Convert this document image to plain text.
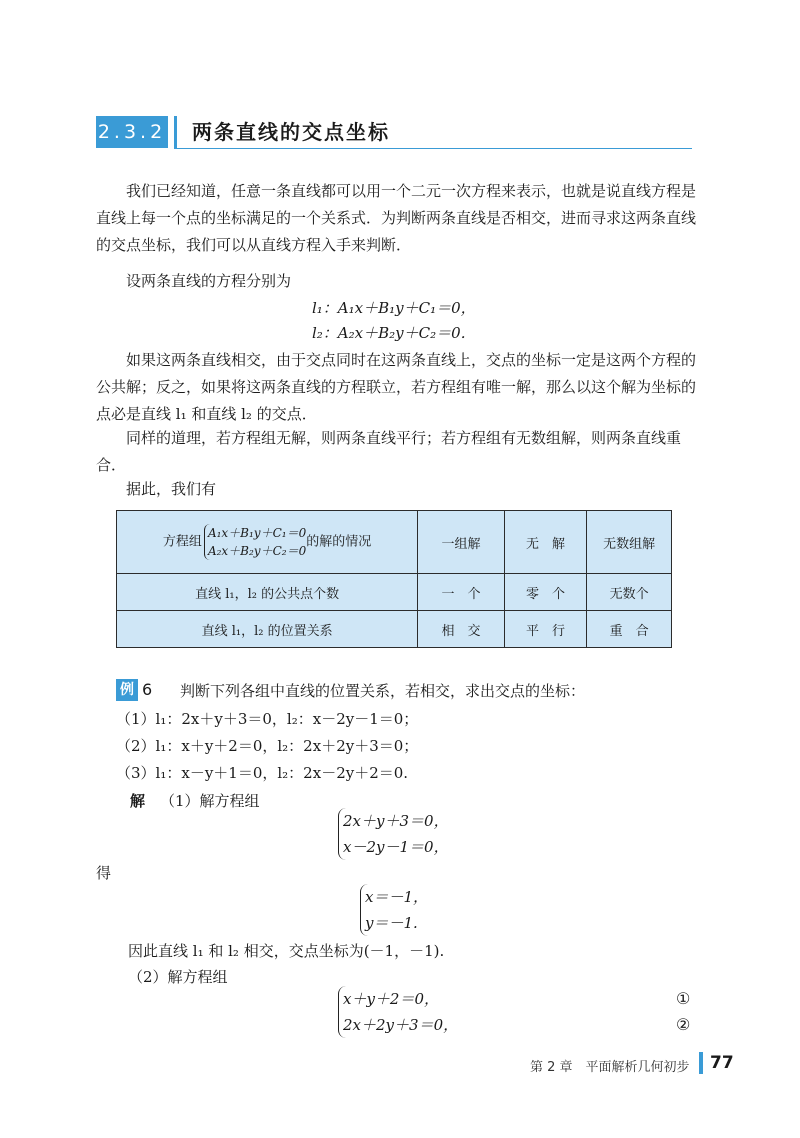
2.3.2 两条直线的交点坐标
我们已经知道，任意一条直线都可以用一个二元一次方程来表示，也就是说直线方程是直线上每一个点的坐标满足的一个关系式．为判断两条直线是否相交，进而寻求这两条直线的交点坐标，我们可以从直线方程入手来判断．
设两条直线的方程分别为
l₁：A₁x＋B₁y＋C₁＝0，
l₂：A₂x＋B₂y＋C₂＝0．
如果这两条直线相交，由于交点同时在这两条直线上，交点的坐标一定是这两个方程的公共解；反之，如果将这两条直线的方程联立，若方程组有唯一解，那么以这个解为坐标的点必是直线 l₁ 和直线 l₂ 的交点．
同样的道理，若方程组无解，则两条直线平行；若方程组有无数组解，则两条直线重合．
据此，我们有
方程组A₁x＋B₁y＋C₁＝0
A₂x＋B₂y＋C₂＝0的解的情况	一组解	无　解	无数组解
直线 l₁，l₂ 的公共点个数	一　个	零　个	无数个
直线 l₁，l₂ 的位置关系	相　交	平　行	重　合
例 6 判断下列各组中直线的位置关系，若相交，求出交点的坐标：
（1）l₁：2x＋y＋3＝0，l₂：x－2y－1＝0；
（2）l₁：x＋y＋2＝0，l₂：2x＋2y＋3＝0；
（3）l₁：x－y＋1＝0，l₂：2x－2y＋2＝0.
解 （1）解方程组
2x＋y＋3＝0，
x－2y－1＝0，
得
x＝－1，
y＝－1.
因此直线 l₁ 和 l₂ 相交，交点坐标为(－1，－1).
（2）解方程组
x＋y＋2＝0，
2x＋2y＋3＝0，
①
②
第 2 章　平面解析几何初步 77
